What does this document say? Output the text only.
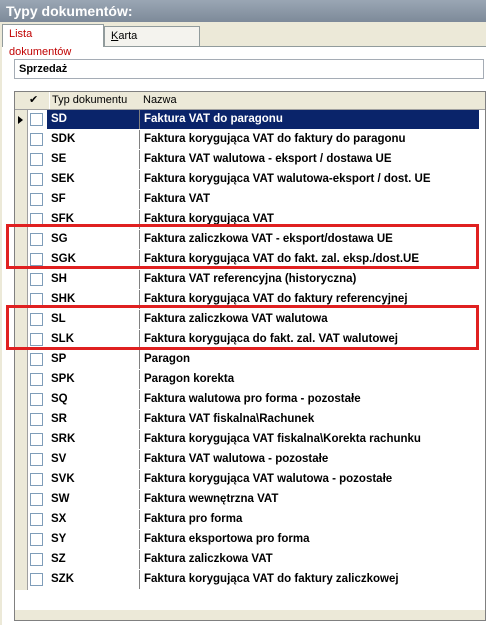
Typy dokumentów:
Lista dokumentów
Karta
Sprzedaż
✔	Typ dokumentu	Nazwa
SD	Faktura VAT do paragonu
SDK	Faktura korygująca VAT do faktury do paragonu
SE	Faktura VAT walutowa - eksport / dostawa UE
SEK	Faktura korygująca VAT walutowa-eksport / dost. UE
SF	Faktura VAT
SFK	Faktura korygująca VAT
SG	Faktura zaliczkowa VAT - eksport/dostawa UE
SGK	Faktura korygująca VAT do fakt. zal. eksp./dost.UE
SH	Faktura VAT referencyjna (historyczna)
SHK	Faktura korygująca VAT do faktury referencyjnej
SL	Faktura zaliczkowa VAT walutowa
SLK	Faktura korygująca do fakt. zal. VAT walutowej
SP	Paragon
SPK	Paragon korekta
SQ	Faktura walutowa pro forma - pozostałe
SR	Faktura VAT fiskalna\Rachunek
SRK	Faktura korygująca VAT fiskalna\Korekta rachunku
SV	Faktura VAT walutowa - pozostałe
SVK	Faktura korygująca VAT walutowa - pozostałe
SW	Faktura wewnętrzna VAT
SX	Faktura pro forma
SY	Faktura eksportowa pro forma
SZ	Faktura zaliczkowa VAT
SZK	Faktura korygująca VAT do faktury zaliczkowej
